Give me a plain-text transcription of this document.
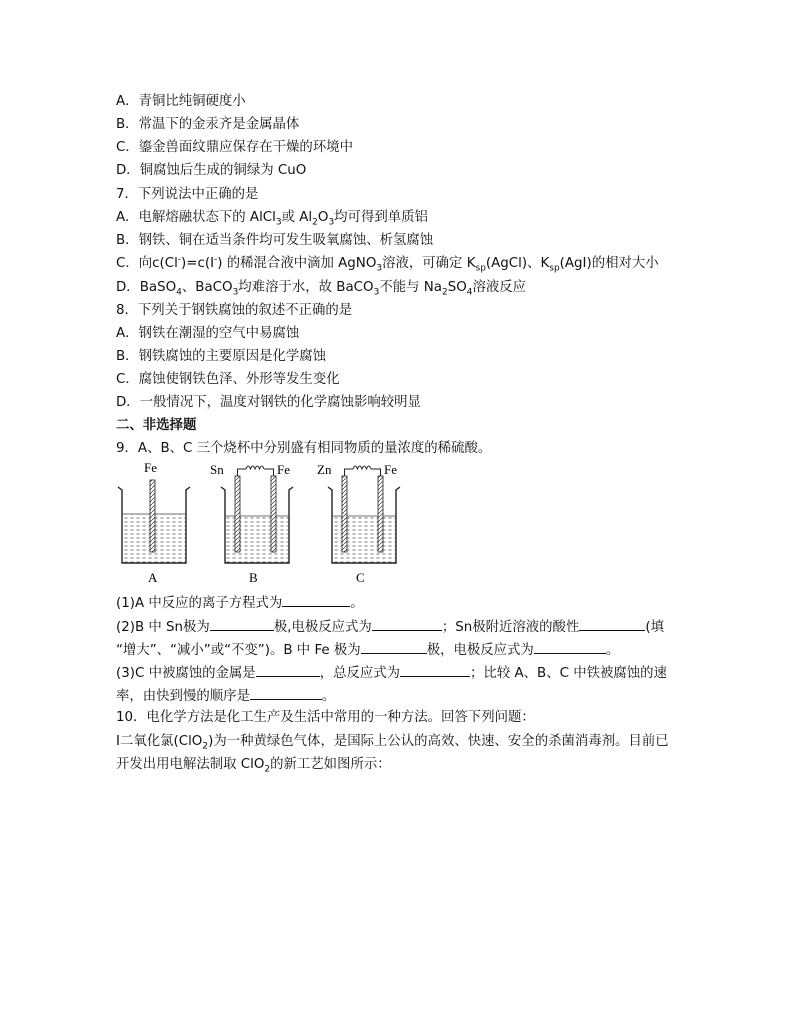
A．青铜比纯铜硬度小
B．常温下的金汞齐是金属晶体
C．鎏金兽面纹鼎应保存在干燥的环境中
D．铜腐蚀后生成的铜绿为 CuO
7．下列说法中正确的是
A．电解熔融状态下的 AlCl$_3$或 $Al_2O_3$均可得到单质铝
B．钢铁、铜在适当条件均可发生吸氧腐蚀、析氢腐蚀
C．向c(Cl-)=c(I-) 的稀混合液中滴加 AgNO$_3$溶液，可确定 $K_{sp}(AgCl)$、$K_{sp}(AgI)$的相对大小
D．BaSO$_4$、BaCO$_3$均难溶于水，故 BaCO$_3$不能与 $Na_2SO_4$溶液反应
8．下列关于钢铁腐蚀的叙述不正确的是
A．钢铁在潮湿的空气中易腐蚀
B．钢铁腐蚀的主要原因是化学腐蚀
C．腐蚀使钢铁色泽、外形等发生变化
D．一般情况下，温度对钢铁的化学腐蚀影响较明显
二、非选择题
9．A、B、C 三个烧杯中分别盛有相同物质的量浓度的稀硫酸。
Fe
A
Sn	Fe
B
Zn	Fe
C
(1)A 中反应的离子方程式为	。
(2)B 中 Sn极为	极,电极反应式为	；Sn极附近溶液的酸性	(填
“增大”、“减小”或“不变”)。B 中 Fe 极为	极，电极反应式为	。
(3)C 中被腐蚀的金属是	，总反应式为	；比较 A、B、C 中铁被腐蚀的速
率，由快到慢的顺序是	。
10．电化学方法是化工生产及生活中常用的一种方法。回答下列问题：
Ⅰ二氧化氯(ClO$_2$)为一种黄绿色气体，是国际上公认的高效、快速、安全的杀菌消毒剂。目前已
开发出用电解法制取 ClO$_2$的新工艺如图所示：
